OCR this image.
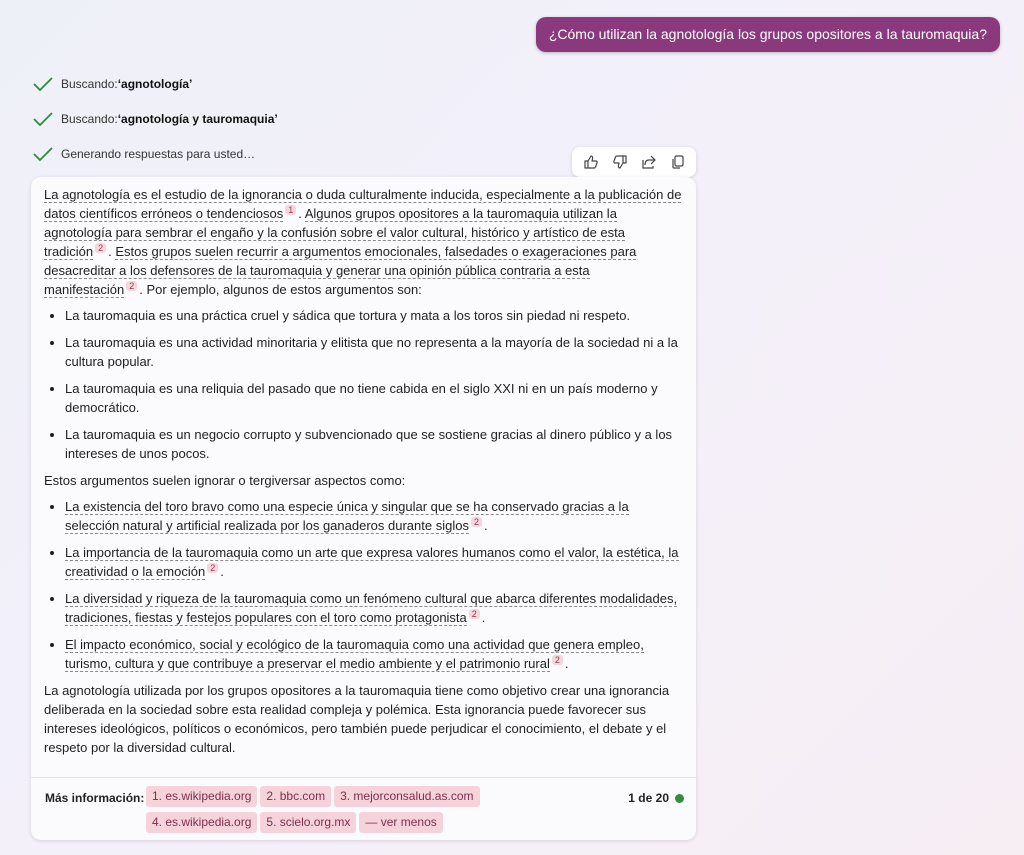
¿Cómo utilizan la agnotología los grupos opositores a la tauromaquia?
Buscando: ‘agnotología’
Buscando: ‘agnotología y tauromaquia’
Generando respuestas para usted…

La agnotología es el estudio de la ignorancia o duda culturalmente inducida, especialmente a la publicación de datos científicos erróneos o tendenciosos $^1$ . Algunos grupos opositores a la tauromaquia utilizan la agnotología para sembrar el engaño y la confusión sobre el valor cultural, histórico y artístico de esta tradición $^2$ . Estos grupos suelen recurrir a argumentos emocionales, falsedades o exageraciones para desacreditar a los defensores de la tauromaquia y generar una opinión pública contraria a esta manifestación $^2$ . Por ejemplo, algunos de estos argumentos son:

• La tauromaquia es una práctica cruel y sádica que tortura y mata a los toros sin piedad ni respeto.
• La tauromaquia es una actividad minoritaria y elitista que no representa a la mayoría de la sociedad ni a la cultura popular.
• La tauromaquia es una reliquia del pasado que no tiene cabida en el siglo XXI ni en un país moderno y democrático.
• La tauromaquia es un negocio corrupto y subvencionado que se sostiene gracias al dinero público y a los intereses de unos pocos.

Estos argumentos suelen ignorar o tergiversar aspectos como:

• La existencia del toro bravo como una especie única y singular que se ha conservado gracias a la selección natural y artificial realizada por los ganaderos durante siglos $^2$ .
• La importancia de la tauromaquia como un arte que expresa valores humanos como el valor, la estética, la creatividad o la emoción $^2$ .
• La diversidad y riqueza de la tauromaquia como un fenómeno cultural que abarca diferentes modalidades, tradiciones, fiestas y festejos populares con el toro como protagonista $^2$ .
• El impacto económico, social y ecológico de la tauromaquia como una actividad que genera empleo, turismo, cultura y que contribuye a preservar el medio ambiente y el patrimonio rural $^2$ .

La agnotología utilizada por los grupos opositores a la tauromaquia tiene como objetivo crear una ignorancia deliberada en la sociedad sobre esta realidad compleja y polémica. Esta ignorancia puede favorecer sus intereses ideológicos, políticos o económicos, pero también puede perjudicar el conocimiento, el debate y el respeto por la diversidad cultural.

Más información: 1. es.wikipedia.org 2. bbc.com 3. mejorconsalud.as.com4. es.wikipedia.org 5. scielo.org.mx — ver menos
1 de 20
